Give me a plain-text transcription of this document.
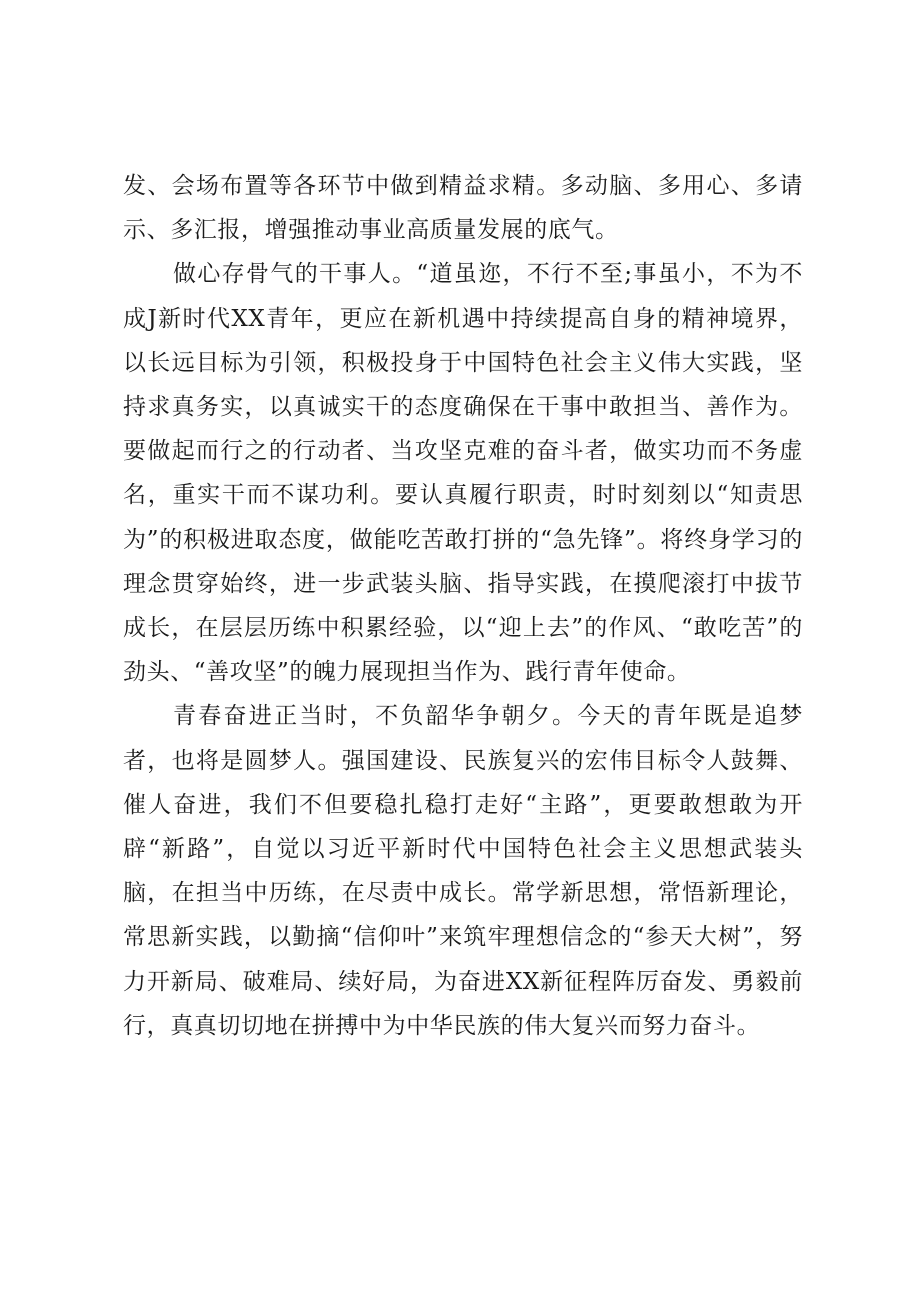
发、会场布置等各环节中做到精益求精。多动脑、多用心、多请示、多汇报，增强推动事业高质量发展的底气。

做心存骨气的干事人。“道虽迩，不行不至;事虽小，不为不成J新时代XX青年，更应在新机遇中持续提高自身的精神境界，以长远目标为引领，积极投身于中国特色社会主义伟大实践，坚持求真务实，以真诚实干的态度确保在干事中敢担当、善作为。要做起而行之的行动者、当攻坚克难的奋斗者，做实功而不务虚名，重实干而不谋功利。要认真履行职责，时时刻刻以“知责思为”的积极进取态度，做能吃苦敢打拼的“急先锋”。将终身学习的理念贯穿始终，进一步武装头脑、指导实践，在摸爬滚打中拔节成长，在层层历练中积累经验，以“迎上去”的作风、“敢吃苦”的劲头、“善攻坚”的魄力展现担当作为、践行青年使命。

青春奋进正当时，不负韶华争朝夕。今天的青年既是追梦者，也将是圆梦人。强国建设、民族复兴的宏伟目标令人鼓舞、催人奋进，我们不但要稳扎稳打走好“主路”，更要敢想敢为开辟“新路”，自觉以习近平新时代中国特色社会主义思想武装头脑，在担当中历练，在尽责中成长。常学新思想，常悟新理论，常思新实践，以勤摘“信仰叶”来筑牢理想信念的“参天大树”，努力开新局、破难局、续好局，为奋进XX新征程阵厉奋发、勇毅前行，真真切切地在拼搏中为中华民族的伟大复兴而努力奋斗。
